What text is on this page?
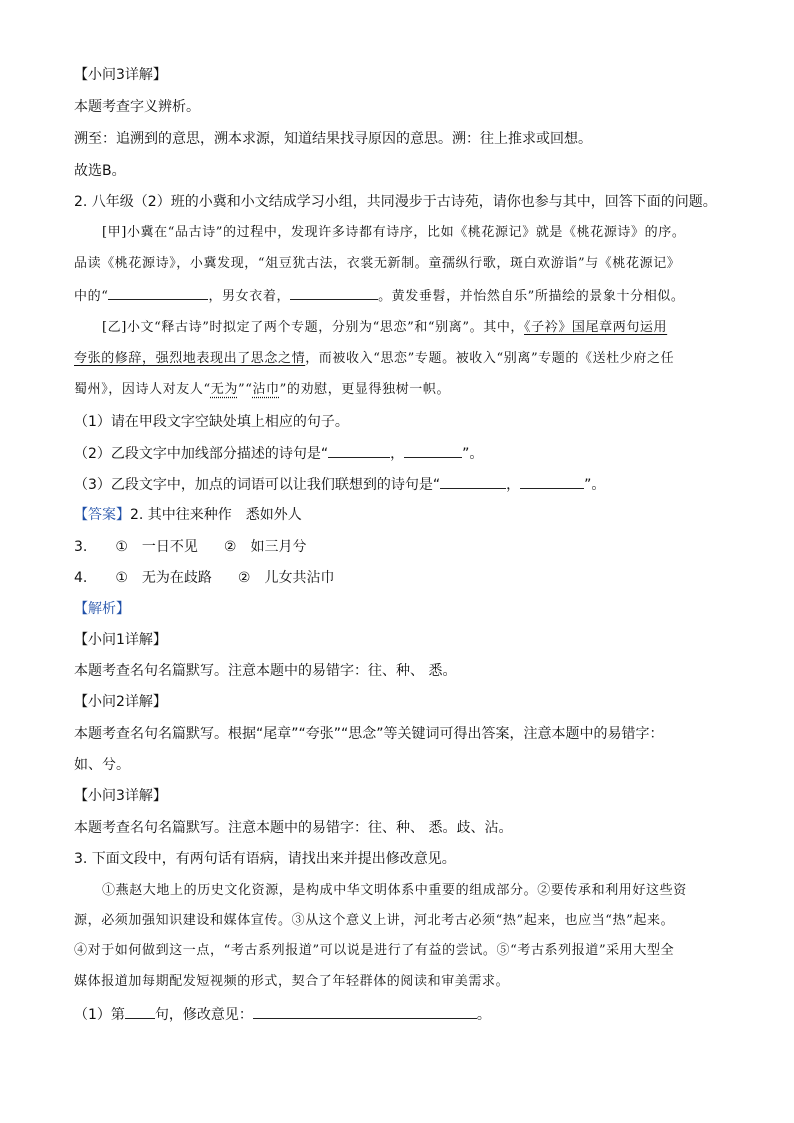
【小问3详解】
本题考查字义辨析。
溯至：追溯到的意思，溯本求源，知道结果找寻原因的意思。溯：往上推求或回想。
故选B。
2. 八年级（2）班的小冀和小文结成学习小组，共同漫步于古诗苑，请你也参与其中，回答下面的问题。
[甲]小冀在“品古诗”的过程中，发现许多诗都有诗序，比如《桃花源记》就是《桃花源诗》的序。
品读《桃花源诗》，小冀发现，“俎豆犹古法，衣裳无新制。童孺纵行歌，斑白欢游诣”与《桃花源记》
中的“	，男女衣着，	。黄发垂髫，并怡然自乐”所描绘的景象十分相似。
[乙]小文“释古诗”时拟定了两个专题，分别为“思恋”和“别离”。其中，《子衿》国尾章两句运用
夸张的修辞，强烈地表现出了思念之情，而被收入“思恋”专题。被收入“别离”专题的《送杜少府之任
蜀州》，因诗人对友人“无为”“沾巾”的劝慰，更显得独树一帜。
（1）请在甲段文字空缺处填上相应的句子。
（2）乙段文字中加线部分描述的诗句是“	，	”。
（3）乙段文字中，加点的词语可以让我们联想到的诗句是“	，	”。
【答案】2. 其中往来种作　悉如外人
3. ①　一日不见 ②　如三月兮
4. ①　无为在歧路 ②　儿女共沾巾
【解析】
【小问1详解】
本题考查名句名篇默写。注意本题中的易错字：往、种、 悉。
【小问2详解】
本题考查名句名篇默写。根据“尾章”“夸张”“思念”等关键词可得出答案，注意本题中的易错字：
如、兮。
【小问3详解】
本题考查名句名篇默写。注意本题中的易错字：往、种、 悉。歧、沾。
3. 下面文段中，有两句话有语病，请找出来并提出修改意见。
①燕赵大地上的历史文化资源，是构成中华文明体系中重要的组成部分。②要传承和利用好这些资
源，必须加强知识建设和媒体宣传。③从这个意义上讲，河北考古必须“热”起来，也应当“热”起来。
④对于如何做到这一点，“考古系列报道”可以说是进行了有益的尝试。⑤“考古系列报道”采用大型全
媒体报道加每期配发短视频的形式，契合了年轻群体的阅读和审美需求。
（1）第 句，修改意见：	。
